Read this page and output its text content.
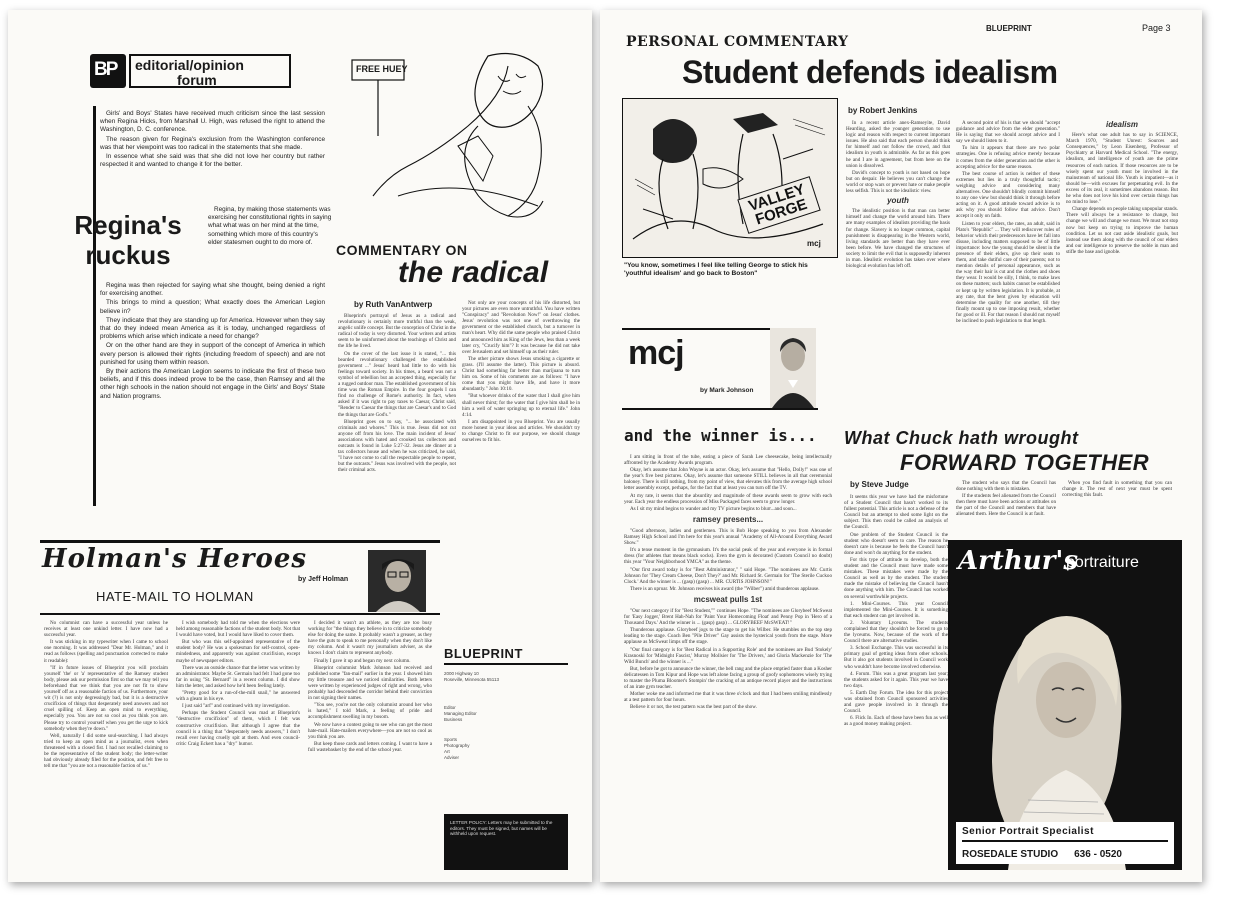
BP editorial/opinion
forum
FREE HUEY

Girls' and Boys' States have received much criticism since the last session when Regina Hicks, from Marshall U. High, was refused the right to attend the Washington, D. C. conference.

The reason given for Regina's exclusion from the Washington conference was that her viewpoint was too radical in the statements that she made.

In essence what she said was that she did not love her country but rather respected it and wanted to change it for the better.

Regina's
ruckus

Regina, by making those statements was exercising her constitutional rights in saying what what was on her mind at the time, something which more of this country's elder statesmen ought to do more of.

Regina was then rejected for saying what she thought, being denied a right for exercising another.

This brings to mind a question; What exactly does the American Legion believe in?

They indicate that they are standing up for America. However when they say that do they indeed mean America as it is today, unchanged regardless of problems which arise which indicate a need for change?

Or on the other hand are they in support of the concept of America in which every person is allowed their rights (including freedom of speech) and are not punished for using them within reason.

By their actions the American Legion seems to indicate the first of these two beliefs, and if this does indeed prove to be the case, then Ramsey and all the other high schools in the nation should not engage in the Girls' and Boys' State and Nation programs.

COMMENTARY ON
the radical
by Ruth VanAntwerp

Blueprint's portrayal of Jesus as a radical and revolutionary is certainly more truthful than the weak, angelic unlife concept. But the conception of Christ in the radical of today is very distorted. Your writers and artists seem to be uninformed about the teachings of Christ and the life he lived.

On the cover of the last issue it is stated, "... this bearded revolutionary challenged the established government ..." Jesus' heard had little to do with his feelings toward society. In his times, a beard was not a symbol of rebellion but an accepted thing, especially for a rugged outdoor man. The established government of his time was the Roman Empire. In the four gospels I can find no challenge of Rome's authority. In fact, when asked if it was right to pay taxes to Caesar, Christ said, "Render to Caesar the things that are Caesar's and to God the things that are God's."

Blueprint goes on to say, "... he associated with criminals and whores." This is true. Jesus did not cut anyone off from his love. The main incident of Jesus' associations with hated and crooked tax collectors and outcasts is found in Luke 5:27-32. Jesus ate dinner at a tax collectors house and when he was criticized, he said, "I have not come to call the respectable people to repent, but the outcasts." Jesus was involved with the people, not their criminal acts.

Not only are your concepts of his life distorted, but your pictures are even more untruthful. You have written "Conspiracy" and "Revolution Now!" on Jesus' clothes. Jesus' revolution was not one of overthrowing the government or the established church, but a turnover in man's heart. Why did the same people who praised Christ and announced him as King of the Jews, less than a week later cry, "Crucify him"? It was because he did not take over Jerusalem and set himself up as their ruler.

The other picture shows Jesus smoking a cigarette or grass. (I'll assume the latter). This picture is absurd. Christ had something far better than marijuana to turn him on. Some of his comments are as follows: "I have come that you might have life, and have it more abundantly." John 10:10.

"But whoever drinks of the water that I shall give him shall never thirst; for the water that I give him shall be in him a well of water springing up to eternal life." John 4:14.

I am disappointed in you Blueprint. You are usually more honest in your ideas and articles. We shouldn't try to change Christ to fit our purpose, we should change ourselves to fit his.

Holman's Heroes
by Jeff Holman
HATE-MAIL TO HOLMAN

No columnist can have a successful year unless he receives at least one unkind letter. I have now had a successful year.

It was sticking in my typewriter when I came to school one morning. It was addressed "Dear Mr. Holman," and it read as follows (spelling and punctuation corrected to make it readable):

"If in future issues of Blueprint you will proclaim yourself 'the' or 'a' representative of the Ramsey student body, please ask our permission first so that we may tell you beforehand that we think that you are not fit to show yourself off as a reasonable faction of us. Furthermore, your wit (?) is not only degressingly bad, but it is a destructive crucifixion of things that desperately need answers and not cruel spilling of. Keep an open mind to everything, especially you. You are not so cool as you think you are. Please try to control yourself when you get the urge to kick somebody when they're down."

Well, naturally I did some soul-searching. I had always tried to keep an open mind as a journalist, even when threatened with a closed fist. I had not recalled claiming to be the representative of the student body; the letter-writer had obviously already filed for the position, and felt free to tell me that "you are not a reasonable faction of us."

I wish somebody had told me when the elections were held among reasonable factions of the student body. Not that I would have voted, but I would have liked to cover them.

But who was this self-appointed representative of the student body? He was a spokesman for self-control, open-mindedness, and apparently was against crucifixion, except maybe of newspaper editors.

There was an outside chance that the letter was written by an administrator. Maybe St. Germain had felt I had gone too far in using "St. Bernard" in a recent column. I did show him the letter, and asked how he'd been feeling lately.

"Pretty good for a run-of-the-mill snail," he answered with a gleam in his eye.

I just said "arf" and continued with my investigation.

Perhaps the Student Council was mad at Blueprint's "destructive crucifixion" of them, which I felt was constructive crucifixion. But although I agree that the council is a thing that "desperately needs answers," I don't recall ever having cruelly spit at them. And even council-critic Craig Eckert has a "dry" humor.

I decided it wasn't an athlete, as they are too busy working for "the things they believe in to criticize somebody else for doing the same. It probably wasn't a greaser, as they have the guts to speak to me personally when they don't like my column. And it wasn't my journalism adviser, as she knows I don't claim to represent anybody.

Finally I gave it up and began my next column.

Blueprint columnist Mark Johnson had received and published some "fan-mail" earlier in the year. I showed him my little treasure and we noticed similarities. Both letters were written by experienced judges of right and wrong, who probably had descended the corridor behind their conviction in not signing their names.

"You see, you're not the only columnist around her who is hated," I told Mark, a feeling of pride and accomplishment swelling in my bosom.

We now have a contest going to see who can get the most hate-mail. Hate-mailers everywhere—you are not so cool as you think you are.

But keep those cards and letters coming. I want to have a full wastebasket by the end of the school year.

BLUEPRINT
2000 Highway 10
Roseville, Minnesota 55113
Editor
Managing Editor
Business
Sports
Photography
Art
Adviser
LETTER POLICY: Letters may be submitted to the editors. They must be signed, but names will be withheld upon request.
BLUEPRINT	Page 3
PERSONAL COMMENTARY
Student defends idealism
VALLEY FORGE
mcj
"You know, sometimes I feel like telling George to stick his 'youthful idealism' and go back to Boston"
by Robert Jenkins

In a recent article anex-Ramseyite, David Hearding, asked the younger generation to use logic and reason with respect to current important issues. He also said that each person should think for himself and not follow the crowd, and that idealism in youth is admirable. As far as this goes he and I are in agreement, but from here on the union is dissolved.

David's concept to youth is not based on hope but on despair. He believes you can't change the world or stop wars or prevent hate or make people less selfish. This is not the idealistic view.

youth

The idealistic position is that man can better himself and change the world around him. There are many examples of idealists providing the basis for change. Slavery is no longer common, capital punishment is disappearing in the Western world, living standards are better than they have ever been before. We have changed the structures of society to limit the evil that is supposedly inherent in man. Idealistic evolution has taken over where biological evolution has left off.

A second point of his is that we should "accept guidance and advice from the elder generation." He is saying that we should accept advice and I say we should listen to it.

To him it appears that there are two polar strategies. One is refusing advice merely because it comes from the older generation and the other is accepting advice for the same reason.

The best course of action is neither of these extremes but lies in a truly thoughtful tactic; weighing advice and considering many alternatives. One shouldn't blindly commit himself to any one view but should think it through before acting on it. A good attitude toward advice is to ask why you should follow that advice. Don't accept it only on faith.

Listen to your elders, the rates, an adult, said in Plato's "Republic" ... They will rediscover rules of behavior which their predecessors have let fall into disuse, including matters supposed to be of little importance: how the young should be silent in the presence of their elders, give up their seats to them, and take dutiful care of their parents; not to mention details of personal appearance, such as the way their hair is cut and the clothes and shoes they wear. It would be silly, I think, to make laws on these matters; such habits cannot be established or kept up by written legislation. It is probable, at any rate, that the bent given by education will determine the quality for one another, till they finally mount up to one imposing result, whether for good or ill. For that reason I should not myself be inclined to push legislation to that length.

idealism

Here's what one adult has to say in SCIENCE, March 1970, "Student Unrest: Sources and Consequences," by Leon Eisenberg, Professor of Psychiatry at Harvard Medical School. "The energy, idealism, and intelligence of youth are the prime resources of each nation. If those resources are to be wisely spent our youth must be involved in the mainstream of national life. Youth is impatient—as it should be—with excuses for perpetuating evil. In the excess of its zeal, it sometimes abandons reason. But he who does not love his kind over certain things has no mind to lose."

Change depends on people taking unpopular stands. There will always be a resistance to change, but change we will and change we must. We must not stop now but keep on trying to improve the human condition. Let us not cast aside idealistic goals, but instead use them along with the council of our elders and our intelligence to preserve the noble in man and stifle the base and ignoble.

mcj
by Mark Johnson
and the winner is...

I am sitting in front of the tube, eating a piece of Sarah Lee cheesecake, being intellectually affronted by the Academy Awards program.

Okay, let's assume that John Wayne is an actor. Okay, let's assume that "Hello, Dolly!" was one of the year's five best pictures. Okay, let's assume that someone STILL believes in all that ceremonial baloney. There is still nothing, from my point of view, that elevates this from the average high school letter assembly except, perhaps, for the fact that at least you can turn off the TV.

At my rate, it seems that the absurdity and magnitude of these awards seem to grow with each year. Each year the endless procession of Miss Packaged faces seem to grow longer.

As I sit my mind begins to wander and my TV picture begins to blurr...and soon...

ramsey presents...

"Good afternoon, ladies and gentlemen. This is Bob Hope speaking to you from Alexander Ramsey High School and I'm here for this year's annual "Academy of All-Around Everything Award Show."

It's a tense moment in the gymnasium. It's the social peak of the year and everyone is in formal dress (for athletes that means black socks). Even the gym is decorated (Custom Council no doubt) this year "Your Neighborhood YMCA" as the theme.

"Our first award today is for "Best Administrator," " said Hope. "The nominees are Mr. Curtis Johnson for 'They Cream Cheese, Don't They?' and Mr. Richard St. Germain for 'The Sterile Cuckoo Clock.' And the winner is ... (gasp) (gasp) ... MR. CURTIS JOHNSON!"

There is an uproar. Mr. Johnson receives his award (the "Wilber") amid thunderous applause.

mcsweat pulls 1st

"Our next category if for "Best Student,"" continues Hope. "The nominees are Glorybeef McSweat for 'Easy Jogger,' Brent Hah-Nah for 'Paint Your Homecoming Float' and Penny Pop in 'Hero of a Thousand Days.' And the winner is ... (gasp) gasp) ... GLORYBEEF McSWEAT!"

Thunderous applause. Glorybeef jogs to the stage to get his Wilber. He stumbles on the top step leading to the stage. Coach Ben "Pile Driver" Gay assists the hysterical youth from the stage. More applause as McSweat limps off the stage.

"Our final category is for 'Best Radical in a Supporting Role' and the nominees are Bud 'Stokely' Krasnoski for 'Midnight Fascist,' Murray Mollsier for 'The Drivers,' and Gloria Mackenzie for 'The Wild Bunch' and the winner is ..."

But, before he got to announce the winner, the bell rang and the place emptied faster than a Kosher delicatessen in Tom Kipur and Hope was left alone facing a group of goofy sophomores wisely trying to master the Pluma Bloomer's Stompin' the cracking of an antique record player and the instructions of an irate gym teacher.

Mother woke me and informed me that it was three o'clock and that I had been smiling mindlessly at a test pattern for four hours.

Believe it or not, the test pattern was the best part of the show.

What Chuck hath wrought
FORWARD TOGETHER
by Steve Judge

It seems this year we have had the misfortune of a Student Council that hasn't worked to its fullest potential. This article is not a defense of the Council but an attempt to shed some light on the subject. This then could be called an analysis of the Council.

One problem of the Student Council is the student who doesn't seem to care. The reason he doesn't care is because he feels the Council hasn't done and won't do anything for the student.

For this type of attitude to develop, both the student and the Council must have made some mistakes. These mistakes were made by the Council as well as by the student. The student made the mistake of believing the Council hasn't done anything with him. The Council has worked on several worthwhile projects.

1. Mini-Courses. This year Council implemented the Mini-Courses. It is something that each student can get involved in.

2. Voluntary Lyceums. The students complained that they shouldn't be forced to go to the lyceums. Now, because of the work of the Council there are alternative studies.

3. School Exchange. This was successful in its primary goal of getting ideas from other schools. But it also got students involved in Council work who wouldn't have become involved otherwise.

4. Forum. This was a great program last year; the students asked for it again. This year we have two days.

5. Earth Day Forum. The idea for this project was obtained from Council sponsored activities and gave people involved in it through the Council.

6. Flick In. Each of these have been fun as well as a good money making project.

The student who says that the Council has done nothing with them is mistaken.

If the students feel alienated from the Council then there must have been actions or attitudes on the part of the Council and members that have alienated them. Here the Council is at fault.

When you find fault in something that you can change it. The rest of next year must be spent correcting this fault.

Arthur's
portraiture
Senior Portrait Specialist
ROSEDALE STUDIO 636 - 0520
